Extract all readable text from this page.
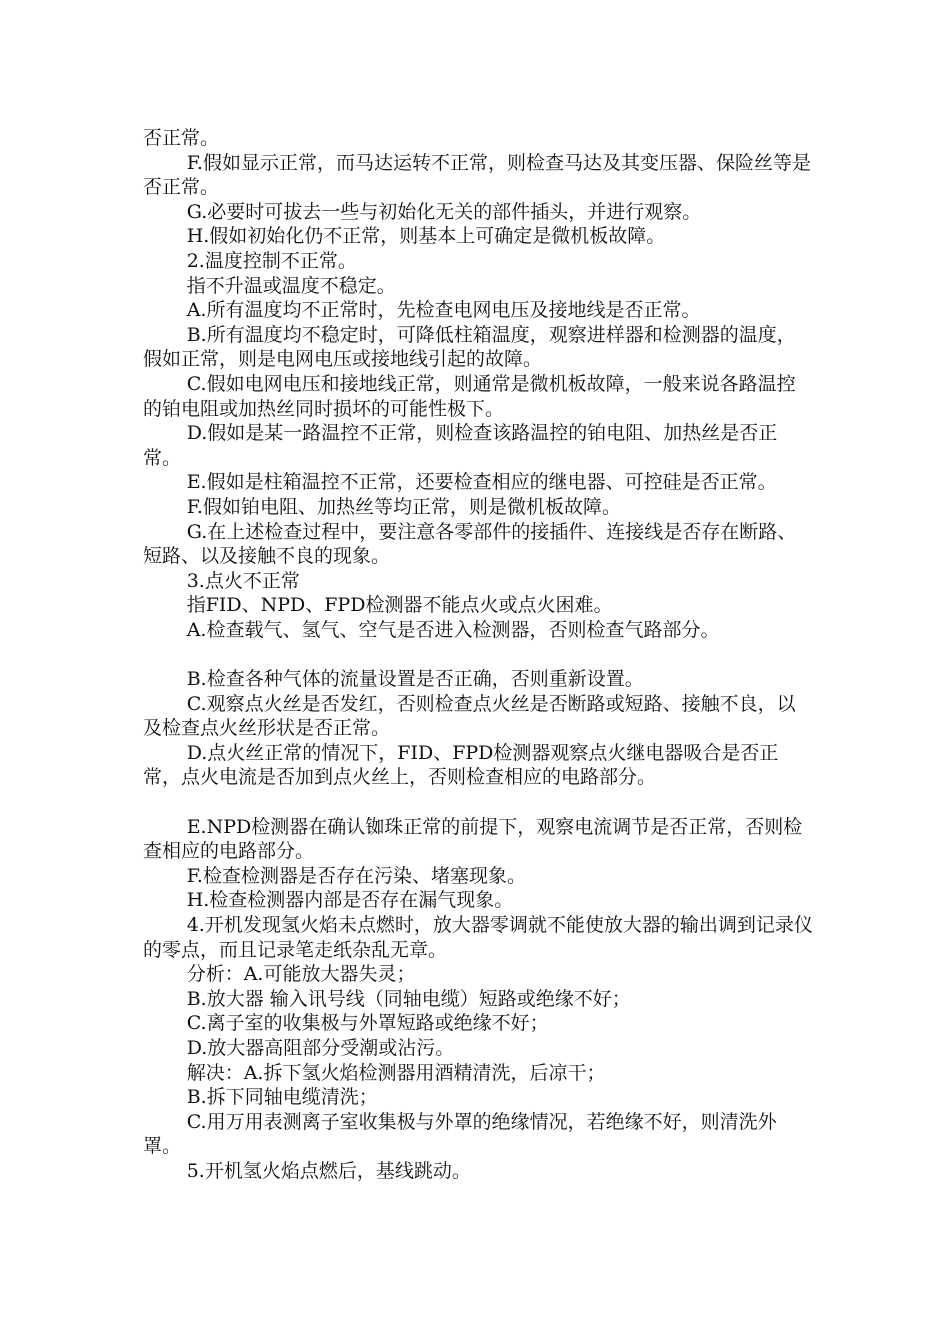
否正常。

F.假如显示正常，而马达运转不正常，则检查马达及其变压器、保险丝等是否正常。

G.必要时可拔去一些与初始化无关的部件插头，并进行观察。

H.假如初始化仍不正常，则基本上可确定是微机板故障。

2.温度控制不正常。

指不升温或温度不稳定。

A.所有温度均不正常时，先检查电网电压及接地线是否正常。

B.所有温度均不稳定时，可降低柱箱温度，观察进样器和检测器的温度，假如正常，则是电网电压或接地线引起的故障。

C.假如电网电压和接地线正常，则通常是微机板故障，一般来说各路温控的铂电阻或加热丝同时损坏的可能性极下。

D.假如是某一路温控不正常，则检查该路温控的铂电阻、加热丝是否正常。

E.假如是柱箱温控不正常，还要检查相应的继电器、可控硅是否正常。

F.假如铂电阻、加热丝等均正常，则是微机板故障。

G.在上述检查过程中，要注意各零部件的接插件、连接线是否存在断路、短路、以及接触不良的现象。

3.点火不正常

指FID、NPD、FPD检测器不能点火或点火困难。

A.检查载气、氢气、空气是否进入检测器，否则检查气路部分。

B.检查各种气体的流量设置是否正确，否则重新设置。

C.观察点火丝是否发红，否则检查点火丝是否断路或短路、接触不良，以及检查点火丝形状是否正常。

D.点火丝正常的情况下，FID、FPD检测器观察点火继电器吸合是否正常，点火电流是否加到点火丝上，否则检查相应的电路部分。

E.NPD检测器在确认铷珠正常的前提下，观察电流调节是否正常，否则检查相应的电路部分。

F.检查检测器是否存在污染、堵塞现象。

H.检查检测器内部是否存在漏气现象。

4.开机发现氢火焰未点燃时，放大器零调就不能使放大器的输出调到记录仪的零点，而且记录笔走纸杂乱无章。

分析：A.可能放大器失灵；

B.放大器 输入讯号线（同轴电缆）短路或绝缘不好；

C.离子室的收集极与外罩短路或绝缘不好；

D.放大器高阻部分受潮或沾污。

解决：A.拆下氢火焰检测器用酒精清洗，后凉干；

B.拆下同轴电缆清洗；

C.用万用表测离子室收集极与外罩的绝缘情况，若绝缘不好，则清洗外罩。

5.开机氢火焰点燃后，基线跳动。
